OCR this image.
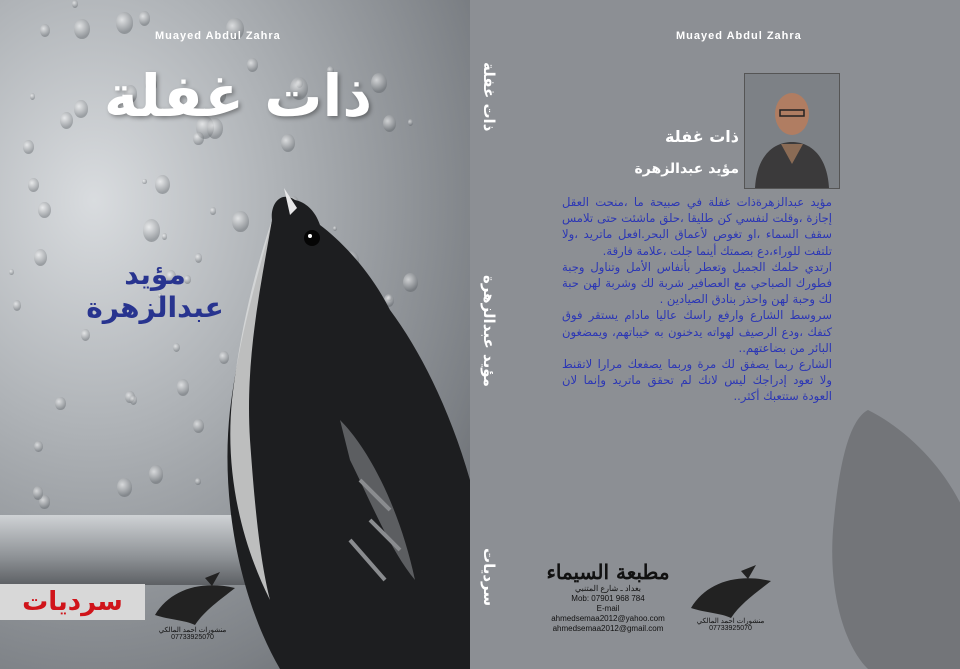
Muayed Abdul Zahra
ذات غفلة
مؤيد عبدالزهرة
منشورات احمد المالكي
07733925070
سرديات
ذات غفلة
مؤيد عبدالزهرة
سرديات
Muayed Abdul Zahra
ذات غفلة
مؤيد عبدالزهرة

مؤيد عبدالزهرةذات غفلة في صبيحة ما ،منحت العقل إجازة ،وقلت لنفسي كن طليقا ،حلق ماشئت حتى تلامس سقف السماء ،او تغوص لأعماق البحر.افعل ماتريد ،ولا تلتفت للوراء،دع بصمتك أينما جلت ،علامة فارقة.

ارتدي حلمك الجميل وتعطر بأنفاس الأمل وتناول وجبة فطورك الصباحي مع العصافير شربة لك وشربة لهن حبة لك وحبة لهن واحذر بنادق الصيادين .

سروسط الشارع وارفع راسك عاليا مادام يستقر فوق كتفك ،ودع الرصيف لهواته يدخنون به خيباتهم، ويمضغون البائر من بضاعتهم..

الشارع ربما يصفق لك مرة وربما يصفعك مرارا لاتقنط ولا تعود إدراجك ليس لانك لم تحقق ماتريد وإنما لان العودة ستتعبك أكثر..

منشورات احمد المالكي
07733925070
مطبعة السيماء
بغداد ـ شارع المتنبي
Mob: 07901 968 784
E-mail
ahmedsemaa2012@yahoo.com
ahmedsemaa2012@gmail.com
